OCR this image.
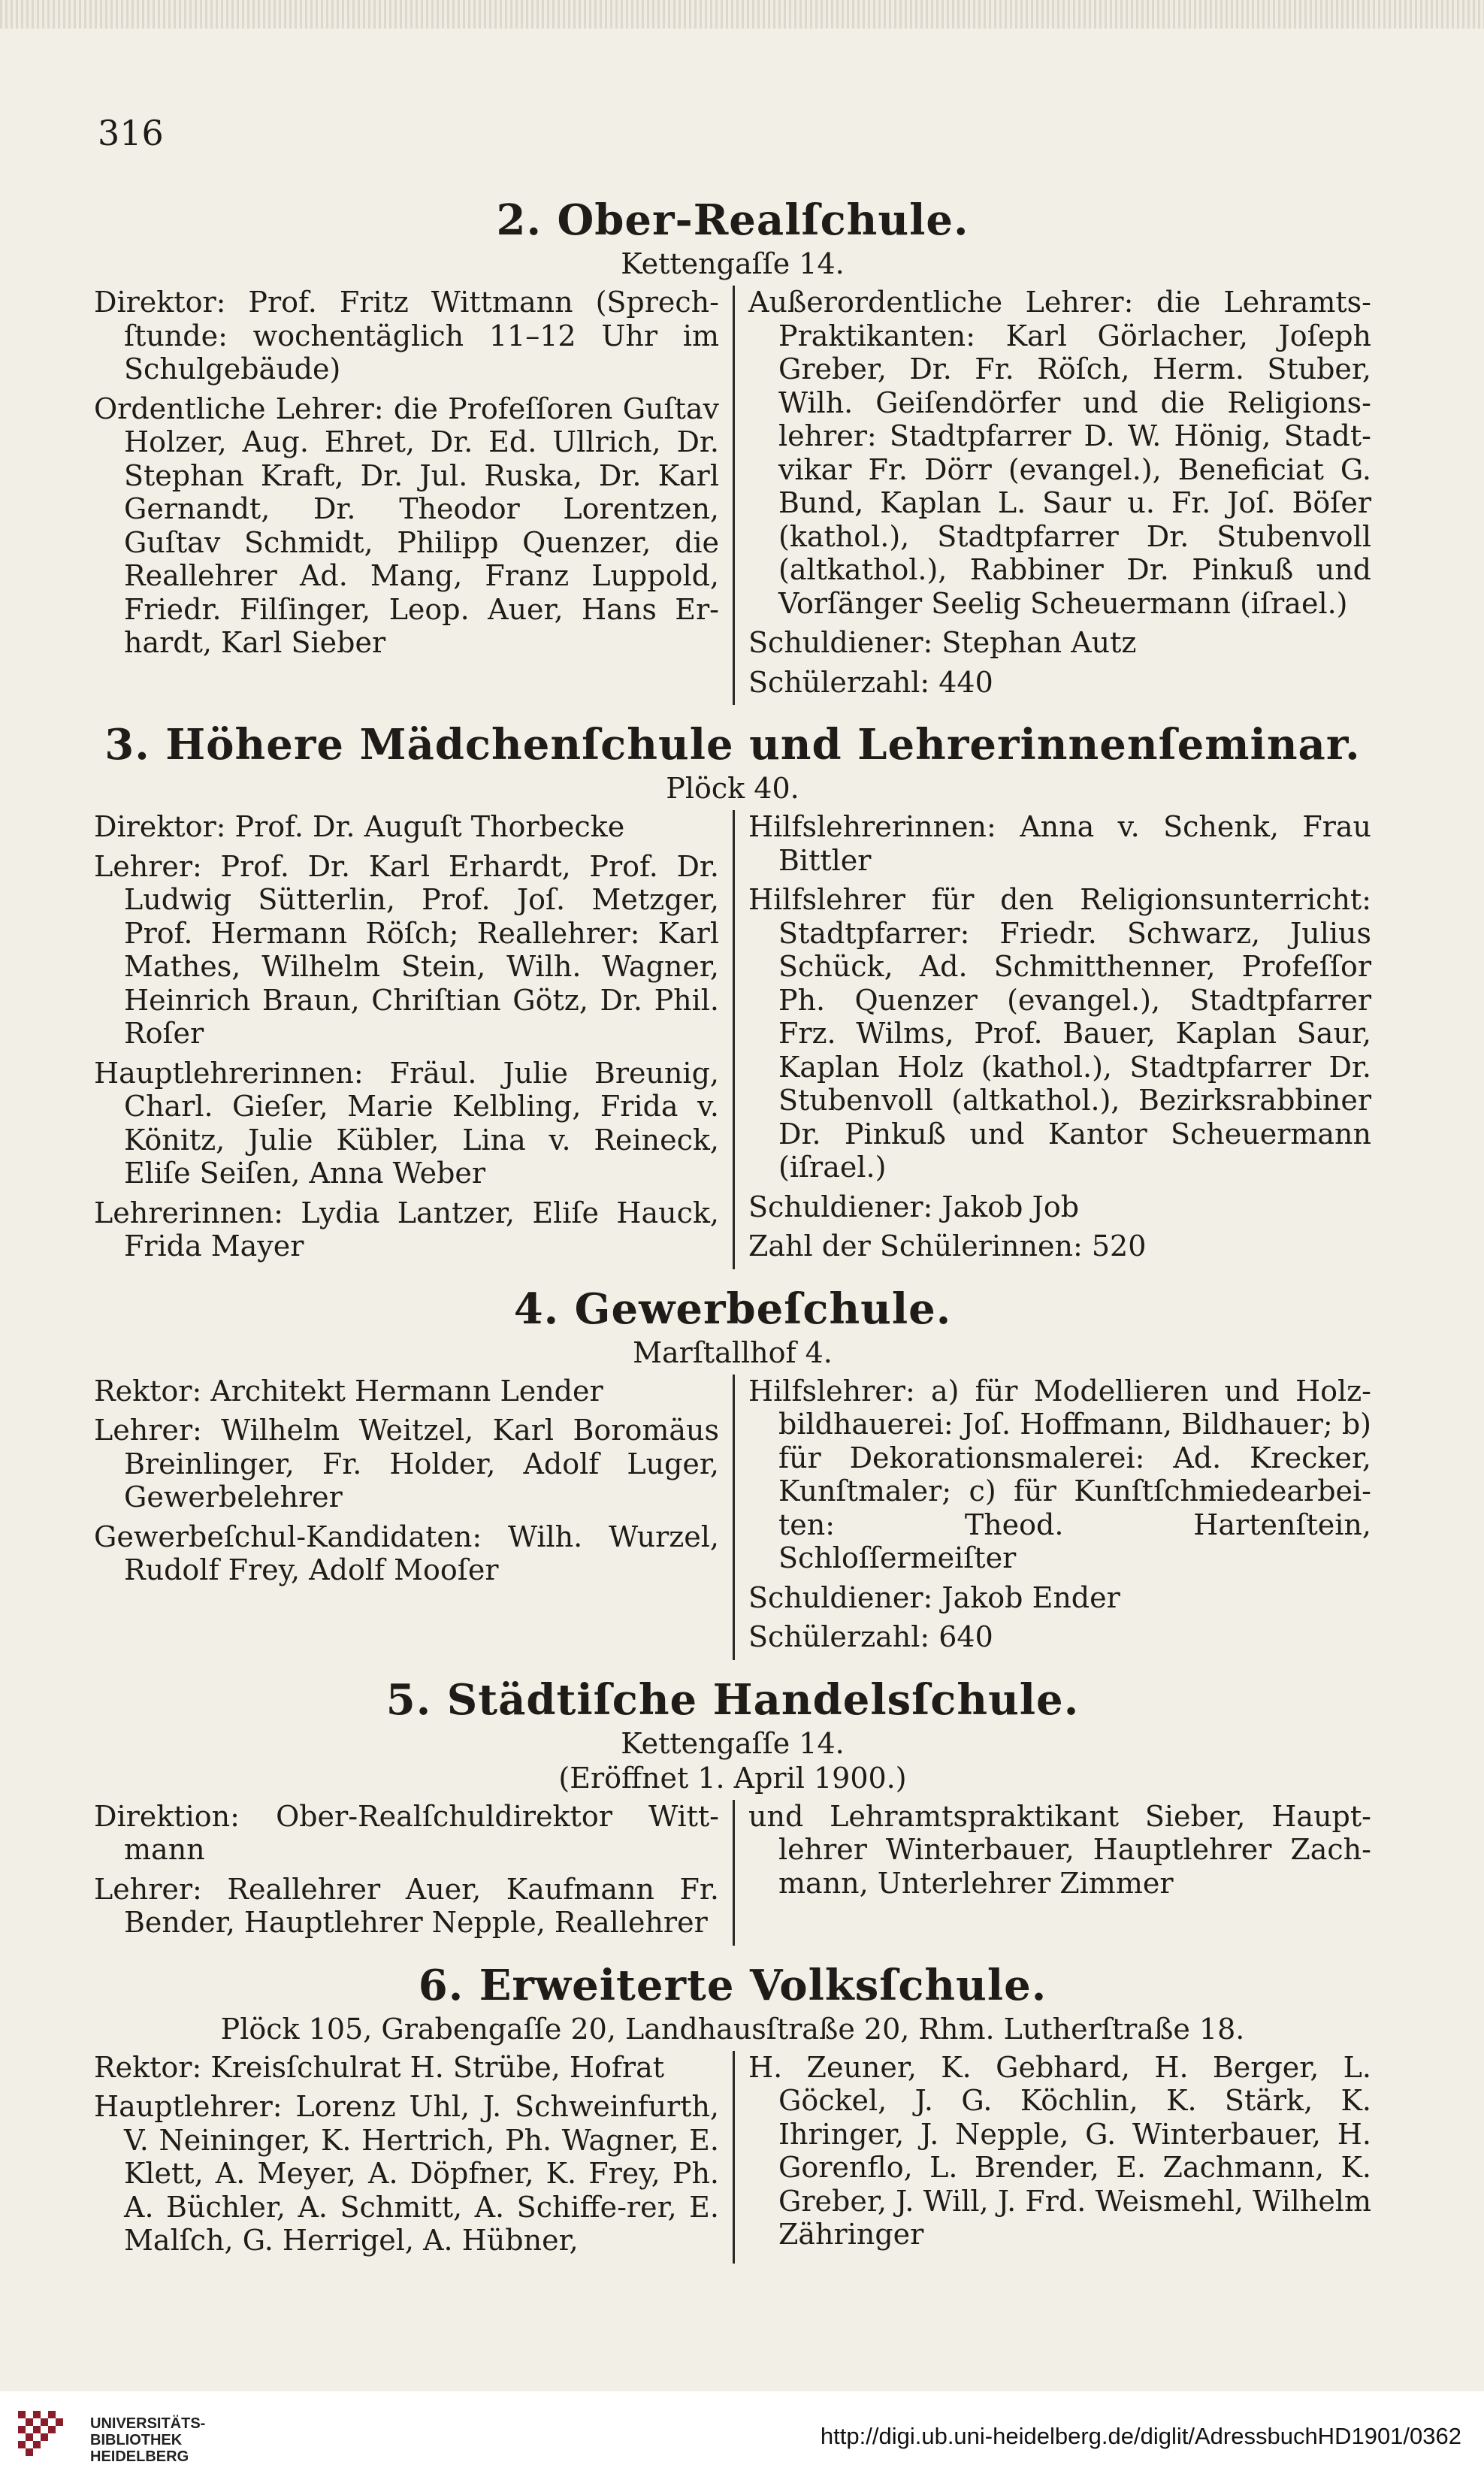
316
2. Ober-Realſchule.
Kettengaſſe 14.

Direktor: Prof. Fritz Wittmann (Sprech-ſtunde: wochentäglich 11–12 Uhr im Schulgebäude)

Ordentliche Lehrer: die Profeſſoren Guſtav Holzer, Aug. Ehret, Dr. Ed. Ullrich, Dr. Stephan Kraft, Dr. Jul. Ruska, Dr. Karl Gernandt, Dr. Theodor Lorentzen, Guſtav Schmidt, Philipp Quenzer, die Reallehrer Ad. Mang, Franz Luppold, Friedr. Filſinger, Leop. Auer, Hans Er-hardt, Karl Sieber

Außerordentliche Lehrer: die Lehramts-Praktikanten: Karl Görlacher, Joſeph Greber, Dr. Fr. Röſch, Herm. Stuber, Wilh. Geiſendörfer und die Religions-lehrer: Stadtpfarrer D. W. Hönig, Stadt-vikar Fr. Dörr (evangel.), Beneficiat G. Bund, Kaplan L. Saur u. Fr. Joſ. Böſer (kathol.), Stadtpfarrer Dr. Stubenvoll (altkathol.), Rabbiner Dr. Pinkuß und Vorſänger Seelig Scheuermann (iſrael.)

Schuldiener: Stephan Autz

Schülerzahl: 440

3. Höhere Mädchenſchule und Lehrerinnenſeminar.
Plöck 40.

Direktor: Prof. Dr. Auguſt Thorbecke

Lehrer: Prof. Dr. Karl Erhardt, Prof. Dr. Ludwig Sütterlin, Prof. Joſ. Metzger, Prof. Hermann Röſch; Reallehrer: Karl Mathes, Wilhelm Stein, Wilh. Wagner, Heinrich Braun, Chriſtian Götz, Dr. Phil. Roſer

Hauptlehrerinnen: Fräul. Julie Breunig, Charl. Gieſer, Marie Kelbling, Frida v. Könitz, Julie Kübler, Lina v. Reineck, Eliſe Seiſen, Anna Weber

Lehrerinnen: Lydia Lantzer, Eliſe Hauck, Frida Mayer

Hilfslehrerinnen: Anna v. Schenk, Frau Bittler

Hilfslehrer für den Religionsunterricht: Stadtpfarrer: Friedr. Schwarz, Julius Schück, Ad. Schmitthenner, Profeſſor Ph. Quenzer (evangel.), Stadtpfarrer Frz. Wilms, Prof. Bauer, Kaplan Saur, Kaplan Holz (kathol.), Stadtpfarrer Dr. Stubenvoll (altkathol.), Bezirksrabbiner Dr. Pinkuß und Kantor Scheuermann (iſrael.)

Schuldiener: Jakob Job

Zahl der Schülerinnen: 520

4. Gewerbeſchule.
Marſtallhof 4.

Rektor: Architekt Hermann Lender

Lehrer: Wilhelm Weitzel, Karl Boromäus Breinlinger, Fr. Holder, Adolf Luger, Gewerbelehrer

Gewerbeſchul-Kandidaten: Wilh. Wurzel, Rudolf Frey, Adolf Mooſer

Hilfslehrer: a) für Modellieren und Holz-bildhauerei: Joſ. Hoffmann, Bildhauer; b) für Dekorationsmalerei: Ad. Krecker, Kunſtmaler; c) für Kunſtſchmiedearbei-ten: Theod. Hartenſtein, Schloſſermeiſter

Schuldiener: Jakob Ender

Schülerzahl: 640

5. Städtiſche Handelsſchule.
Kettengaſſe 14.
(Eröffnet 1. April 1900.)

Direktion: Ober-Realſchuldirektor Witt-mann

Lehrer: Reallehrer Auer, Kaufmann Fr. Bender, Hauptlehrer Nepple, Reallehrer

und Lehramtspraktikant Sieber, Haupt-lehrer Winterbauer, Hauptlehrer Zach-mann, Unterlehrer Zimmer

6. Erweiterte Volksſchule.
Plöck 105, Grabengaſſe 20, Landhausſtraße 20, Rhm. Lutherſtraße 18.

Rektor: Kreisſchulrat H. Strübe, Hofrat

Hauptlehrer: Lorenz Uhl, J. Schweinfurth, V. Neininger, K. Hertrich, Ph. Wagner, E. Klett, A. Meyer, A. Döpfner, K. Frey, Ph. A. Büchler, A. Schmitt, A. Schiffe-rer, E. Malſch, G. Herrigel, A. Hübner,

H. Zeuner, K. Gebhard, H. Berger, L. Göckel, J. G. Köchlin, K. Stärk, K. Ihringer, J. Nepple, G. Winterbauer, H. Gorenflo, L. Brender, E. Zachmann, K. Greber, J. Will, J. Frd. Weismehl, Wilhelm Zähringer

UNIVERSITÄTS-
BIBLIOTHEK
HEIDELBERG
http://digi.ub.uni-heidelberg.de/diglit/AdressbuchHD1901/0362
